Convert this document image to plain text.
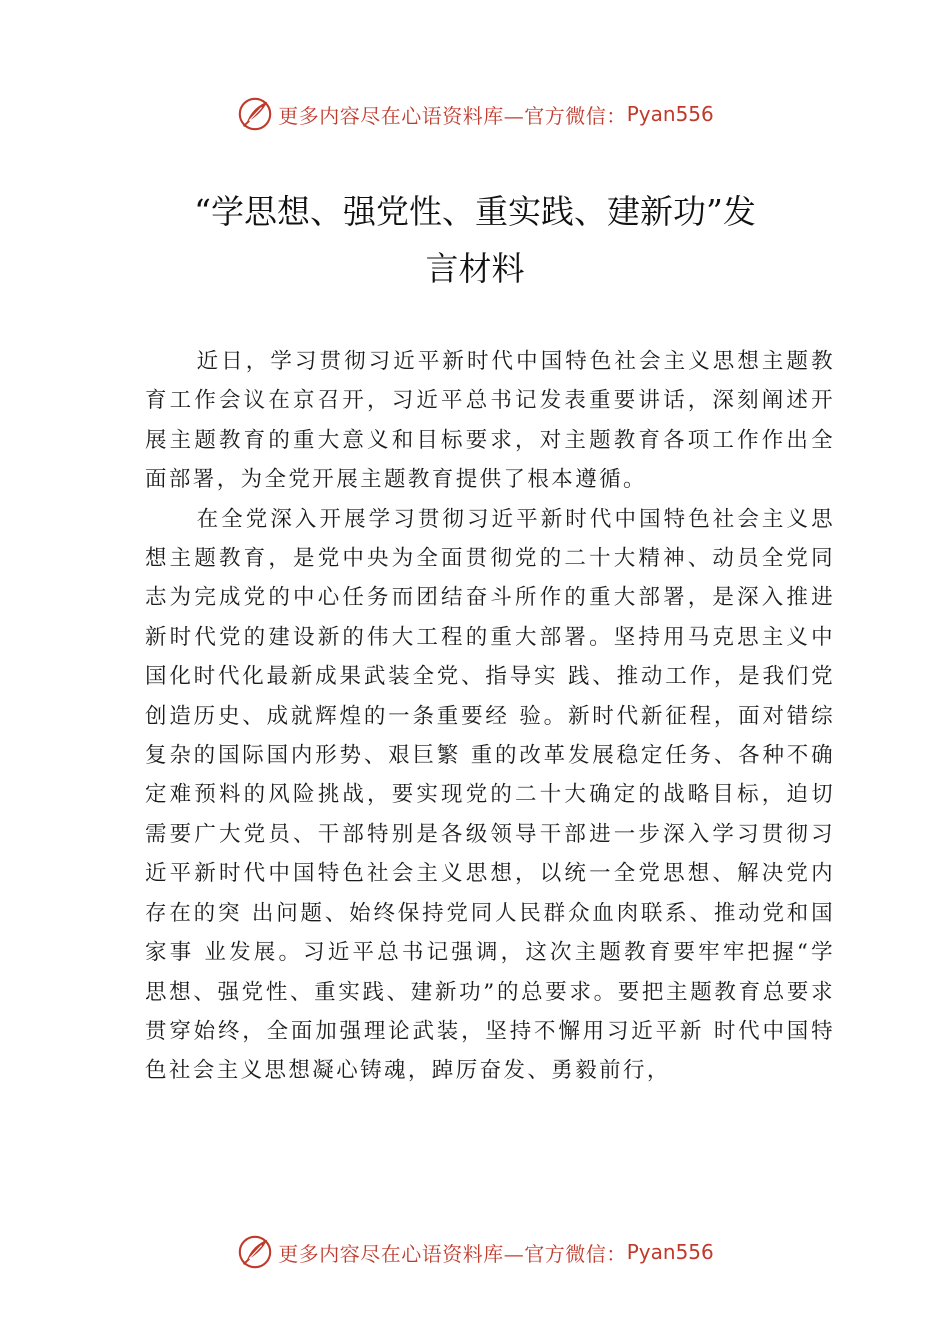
更多内容尽在心语资料库—官方微信： Pyan556
“学思想、强党性、重实践、建新功”发
言材料

近日，学习贯彻习近平新时代中国特色社会主义思想主题教育工作会议在京召开，习近平总书记发表重要讲话，深刻阐述开展主题教育的重大意义和目标要求，对主题教育各项工作作出全面部署，为全党开展主题教育提供了根本遵循。

在全党深入开展学习贯彻习近平新时代中国特色社会主义思想主题教育，是党中央为全面贯彻党的二十大精神、动员全党同志为完成党的中心任务而团结奋斗所作的重大部署，是深入推进新时代党的建设新的伟大工程的重大部署。坚持用马克思主义中国化时代化最新成果武装全党、指导实 践、推动工作，是我们党创造历史、成就辉煌的一条重要经 验。新时代新征程，面对错综复杂的国际国内形势、艰巨繁 重的改革发展稳定任务、各种不确定难预料的风险挑战，要实现党的二十大确定的战略目标，迫切需要广大党员、干部特别是各级领导干部进一步深入学习贯彻习近平新时代中国特色社会主义思想，以统一全党思想、解决党内存在的突 出问题、始终保持党同人民群众血肉联系、推动党和国家事 业发展。习近平总书记强调，这次主题教育要牢牢把握“学 思想、强党性、重实践、建新功”的总要求。要把主题教育总要求贯穿始终，全面加强理论武装，坚持不懈用习近平新 时代中国特色社会主义思想凝心铸魂，踔厉奋发、勇毅前行，

更多内容尽在心语资料库—官方微信： Pyan556
